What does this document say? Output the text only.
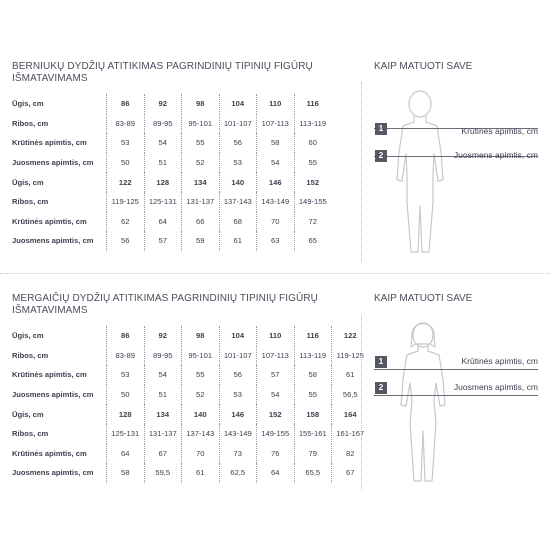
BERNIUKŲ DYDŽIŲ ATITIKIMAS PAGRINDINIŲ TIPINIŲ FIGŪRŲ IŠMATAVIMAMS
KAIP MATUOTI SAVE
Ūgis, cm	86	92	98	104	110	116
Ribos, cm	83-89	89-95	95-101	101-107	107-113	113-119
Krūtinės apimtis, cm	53	54	55	56	58	60
Juosmens apimtis, cm	50	51	52	53	54	55
Ūgis, cm	122	128	134	140	146	152
Ribos, cm	119-125	125-131	131-137	137-143	143-149	149-155
Krūtinės apimtis, cm	62	64	66	68	70	72
Juosmens apimtis, cm	56	57	59	61	63	65
1	Krūtinės apimtis, cm
2	Juosmens apimtis, cm
MERGAIČIŲ DYDŽIŲ ATITIKIMAS PAGRINDINIŲ TIPINIŲ FIGŪRŲ IŠMATAVIMAMS
KAIP MATUOTI SAVE
Ūgis, cm	86	92	98	104	110	116	122
Ribos, cm	83-89	89-95	95-101	101-107	107-113	113-119	119-125
Krūtinės apimtis, cm	53	54	55	56	57	58	61
Juosmens apimtis, cm	50	51	52	53	54	55	56,5
Ūgis, cm	128	134	140	146	152	158	164
Ribos, cm	125-131	131-137	137-143	143-149	149-155	155-161	161-167
Krūtinės apimtis, cm	64	67	70	73	76	79	82
Juosmens apimtis, cm	58	59,5	61	62,5	64	65,5	67
1	Krūtinės apimtis, cm
2	Juosmens apimtis, cm
